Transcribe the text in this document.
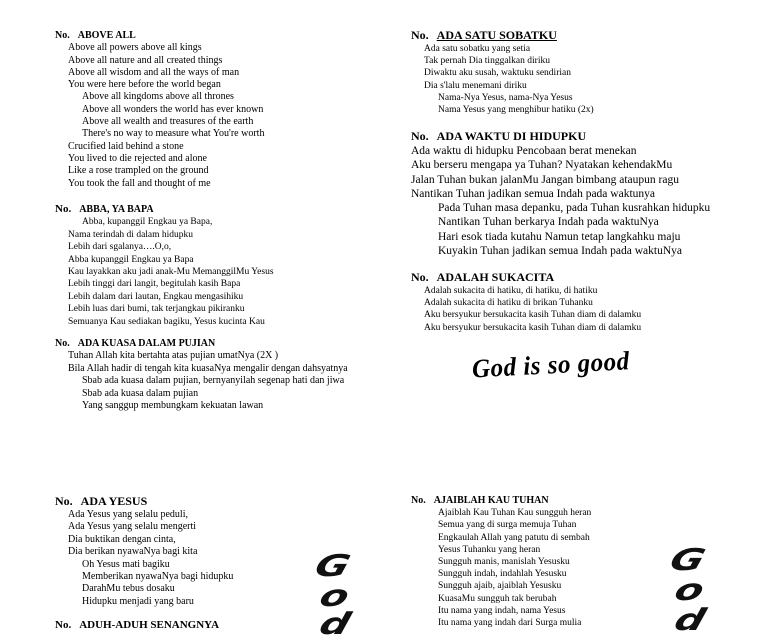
No. ABOVE ALL
Above all powers above all kings
Above all nature and all created things
Above all wisdom and all the ways of man
You were here before the world began
Above all kingdoms above all thrones
Above all wonders the world has ever known
Above all wealth and treasures of the earth
There's no way to measure what You're worth
Crucified laid behind a stone
You lived to die rejected and alone
Like a rose trampled on the ground
You took the fall and thought of me
No. ABBA, YA BAPA
Abba, kupanggil Engkau ya Bapa,
Nama terindah di dalam hidupku
Lebih dari sgalanya….O,o,
Abba kupanggil Engkau ya Bapa
Kau layakkan aku jadi anak-Mu MemanggilMu Yesus
Lebih tinggi dari langit, begitulah kasih Bapa
Lebih dalam dari lautan, Engkau mengasihiku
Lebih luas dari bumi, tak terjangkau pikiranku
Semuanya Kau sediakan bagiku, Yesus kucinta Kau
No. ADA KUASA DALAM PUJIAN
Tuhan Allah kita bertahta atas pujian umatNya (2X )
Bila Allah hadir di tengah kita kuasaNya mengalir dengan dahsyatnya
Sbab ada kuasa dalam pujian, bernyanyilah segenap hati dan jiwa
Sbab ada kuasa dalam pujian
Yang sanggup membungkam kekuatan lawan
No. ADA YESUS
Ada Yesus yang selalu peduli,
Ada Yesus yang selalu mengerti
Dia buktikan dengan cinta,
Dia berikan nyawaNya bagi kita
Oh Yesus mati bagiku
Memberikan nyawaNya bagi hidupku
DarahMu tebus dosaku
Hidupku menjadi yang baru
No. ADUH-ADUH SENANGNYA
No. ADA SATU SOBATKU
Ada satu sobatku yang setia
Tak pernah Dia tinggalkan diriku
Diwaktu aku susah, waktuku sendirian
Dia s'lalu menemani diriku
Nama-Nya Yesus, nama-Nya Yesus
Nama Yesus yang menghibur hatiku (2x)
No. ADA WAKTU DI HIDUPKU
Ada waktu di hidupku Pencobaan berat menekan
Aku berseru mengapa ya Tuhan? Nyatakan kehendakMu
Jalan Tuhan bukan jalanMu Jangan bimbang ataupun ragu
Nantikan Tuhan jadikan semua Indah pada waktunya
Pada Tuhan masa depanku, pada Tuhan kusrahkan hidupku
Nantikan Tuhan berkarya Indah pada waktuNya
Hari esok tiada kutahu Namun tetap langkahku maju
Kuyakin Tuhan jadikan semua Indah pada waktuNya
No. ADALAH SUKACITA
Adalah sukacita di hatiku, di hatiku, di hatiku
Adalah sukacita di hatiku di brikan Tuhanku
Aku bersyukur bersukacita kasih Tuhan diam di dalamku
Aku bersyukur bersukacita kasih Tuhan diam di dalamku
God is so good
No. AJAIBLAH KAU TUHAN
Ajaiblah Kau Tuhan Kau sungguh heran
Semua yang di surga memuja Tuhan
Engkaulah Allah yang patutu di sembah
Yesus Tuhanku yang heran
Sungguh manis, manislah Yesusku
Sungguh indah, indahlah Yesusku
Sungguh ajaib, ajaiblah Yesusku
KuasaMu sungguh tak berubah
Itu nama yang indah, nama Yesus
Itu nama yang indah dari Surga mulia
G
o
d
G
o
d
